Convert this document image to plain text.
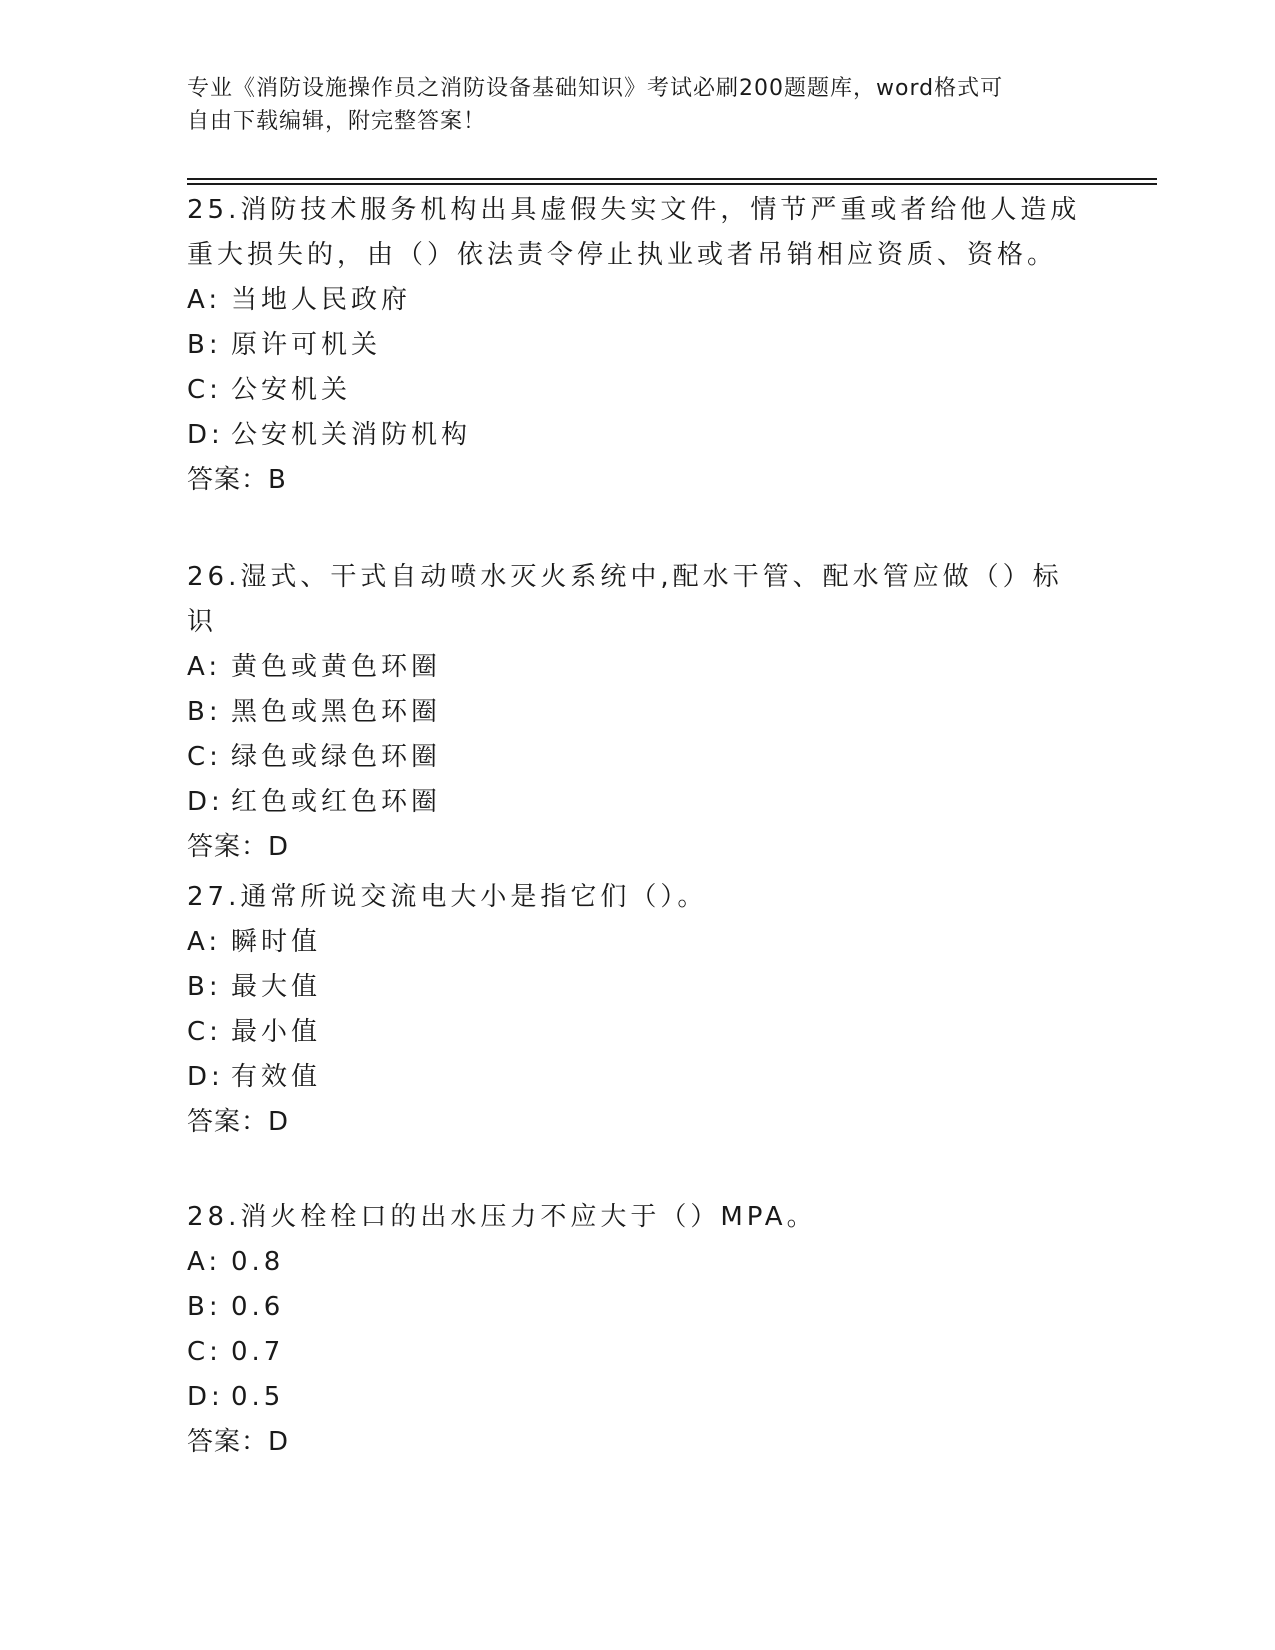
专业《消防设施操作员之消防设备基础知识》考试必刷200题题库，word格式可
自由下载编辑，附完整答案！
25.消防技术服务机构出具虚假失实文件，情节严重或者给他人造成重大损失的，由（）依法责令停止执业或者吊销相应资质、资格。
A: 当地人民政府
B: 原许可机关
C: 公安机关
D: 公安机关消防机构
答案：B
26.湿式、干式自动喷水灭火系统中,配水干管、配水管应做（）标识
A: 黄色或黄色环圈
B: 黑色或黑色环圈
C: 绿色或绿色环圈
D: 红色或红色环圈
答案：D
27.通常所说交流电大小是指它们（）。
A: 瞬时值
B: 最大值
C: 最小值
D: 有效值
答案：D
28.消火栓栓口的出水压力不应大于（）MPA。
A: 0.8
B: 0.6
C: 0.7
D: 0.5
答案：D
